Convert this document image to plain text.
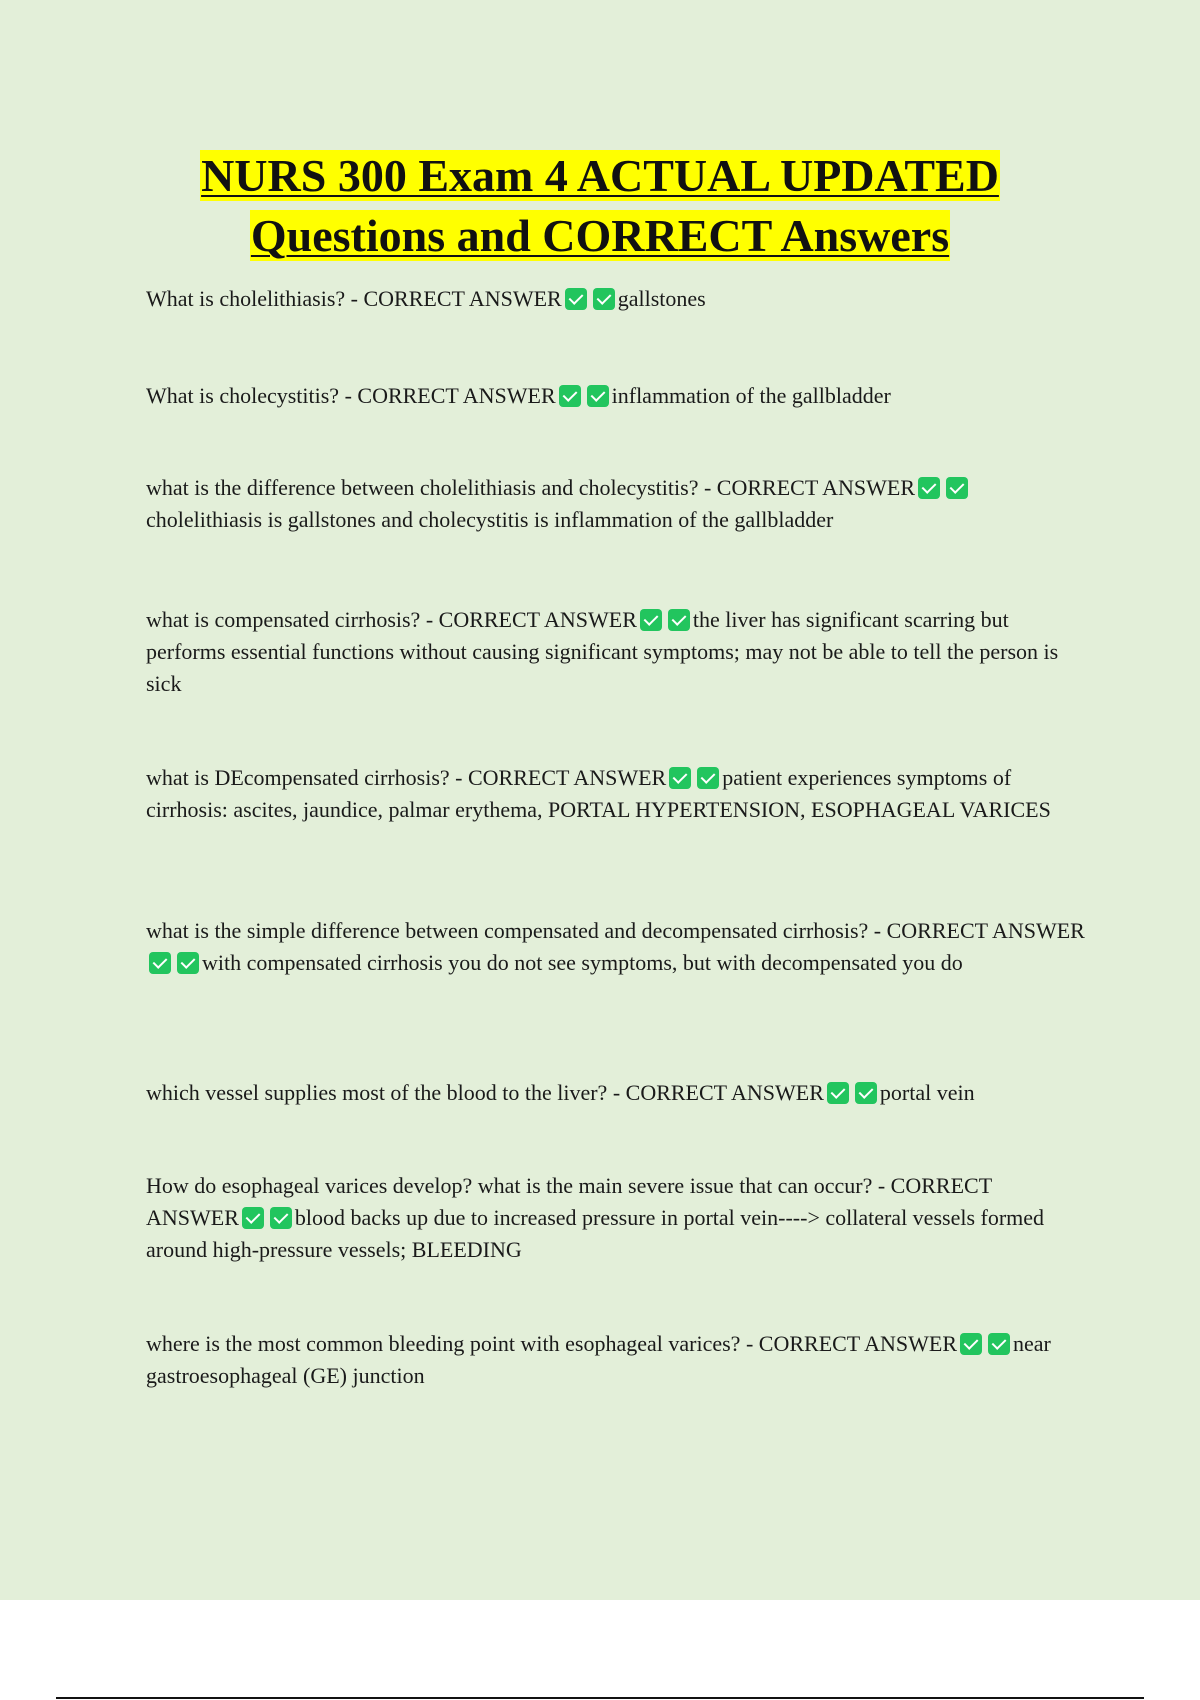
NURS 300 Exam 4 ACTUAL UPDATED
Questions and CORRECT Answers

What is cholelithiasis? - CORRECT ANSWER	gallstones

What is cholecystitis? - CORRECT ANSWER	inflammation of the gallbladder

what is the difference between cholelithiasis and cholecystitis? - CORRECT ANSWERcholelithiasis is gallstones and cholecystitis is inflammation of the gallbladder

what is compensated cirrhosis? - CORRECT ANSWER	the liver has significant scarring but performs essential functions without causing significant symptoms; may not be able to tell the person is sick

what is DEcompensated cirrhosis? - CORRECT ANSWER	patient experiences symptoms of cirrhosis: ascites, jaundice, palmar erythema, PORTAL HYPERTENSION, ESOPHAGEAL VARICES

what is the simple difference between compensated and decompensated cirrhosis? - CORRECT ANSWERwith compensated cirrhosis you do not see symptoms, but with decompensated you do

which vessel supplies most of the blood to the liver? - CORRECT ANSWER	portal vein

How do esophageal varices develop? what is the main severe issue that can occur? - CORRECT ANSWER	blood backs up due to increased pressure in portal vein----> collateral vessels formed around high-pressure vessels; BLEEDING

where is the most common bleeding point with esophageal varices? - CORRECT ANSWER	near gastroesophageal (GE) junction
